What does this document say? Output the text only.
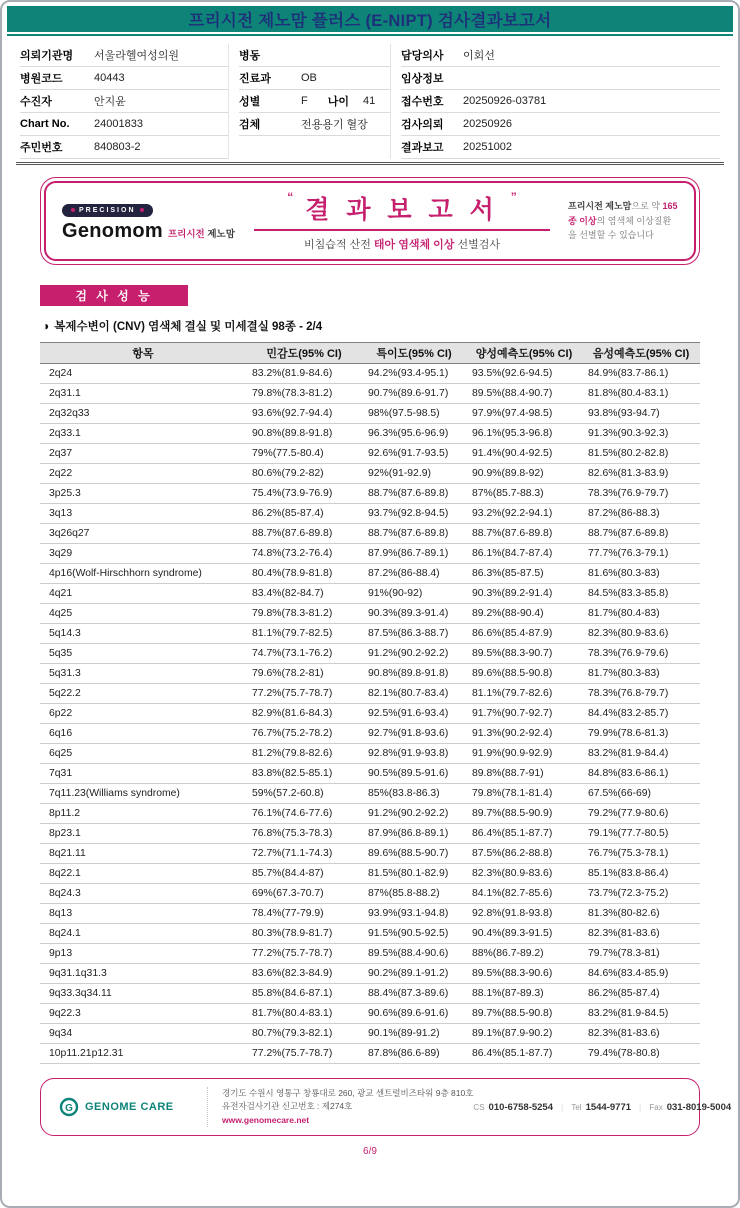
프리시전 제노맘 플러스 (E-NIPT) 검사결과보고서
의뢰기관명	서울라헬여성의원
병원코드	40443
수진자	안지윤
Chart No.	24001833
주민번호	840803-2
병동
진료과	OB
성별	F 나이 41
검체	전용용기 혈장
담당의사	이회선
임상정보
접수번호	20250926-03781
검사의뢰	20250926
결과보고	20251002
PRECISION
Genomom 프리시전 제노맘
“ 결 과 보 고 서 ”
비침습적 산전 태아 염색체 이상 선별검사
프리시전 제노맘으로 약 165종 이상의 염색체 이상질환을 선별할 수 있습니다
검 사 성 능
◑ 복제수변이 (CNV) 염색체 결실 및 미세결실 98종 - 2/4
항목	민감도(95% CI)	특이도(95% CI)	양성예측도(95% CI)	음성예측도(95% CI)
2q24	83.2%(81.9-84.6)	94.2%(93.4-95.1)	93.5%(92.6-94.5)	84.9%(83.7-86.1)
2q31.1	79.8%(78.3-81.2)	90.7%(89.6-91.7)	89.5%(88.4-90.7)	81.8%(80.4-83.1)
2q32q33	93.6%(92.7-94.4)	98%(97.5-98.5)	97.9%(97.4-98.5)	93.8%(93-94.7)
2q33.1	90.8%(89.8-91.8)	96.3%(95.6-96.9)	96.1%(95.3-96.8)	91.3%(90.3-92.3)
2q37	79%(77.5-80.4)	92.6%(91.7-93.5)	91.4%(90.4-92.5)	81.5%(80.2-82.8)
2q22	80.6%(79.2-82)	92%(91-92.9)	90.9%(89.8-92)	82.6%(81.3-83.9)
3p25.3	75.4%(73.9-76.9)	88.7%(87.6-89.8)	87%(85.7-88.3)	78.3%(76.9-79.7)
3q13	86.2%(85-87.4)	93.7%(92.8-94.5)	93.2%(92.2-94.1)	87.2%(86-88.3)
3q26q27	88.7%(87.6-89.8)	88.7%(87.6-89.8)	88.7%(87.6-89.8)	88.7%(87.6-89.8)
3q29	74.8%(73.2-76.4)	87.9%(86.7-89.1)	86.1%(84.7-87.4)	77.7%(76.3-79.1)
4p16(Wolf-Hirschhorn syndrome)	80.4%(78.9-81.8)	87.2%(86-88.4)	86.3%(85-87.5)	81.6%(80.3-83)
4q21	83.4%(82-84.7)	91%(90-92)	90.3%(89.2-91.4)	84.5%(83.3-85.8)
4q25	79.8%(78.3-81.2)	90.3%(89.3-91.4)	89.2%(88-90.4)	81.7%(80.4-83)
5q14.3	81.1%(79.7-82.5)	87.5%(86.3-88.7)	86.6%(85.4-87.9)	82.3%(80.9-83.6)
5q35	74.7%(73.1-76.2)	91.2%(90.2-92.2)	89.5%(88.3-90.7)	78.3%(76.9-79.6)
5q31.3	79.6%(78.2-81)	90.8%(89.8-91.8)	89.6%(88.5-90.8)	81.7%(80.3-83)
5q22.2	77.2%(75.7-78.7)	82.1%(80.7-83.4)	81.1%(79.7-82.6)	78.3%(76.8-79.7)
6p22	82.9%(81.6-84.3)	92.5%(91.6-93.4)	91.7%(90.7-92.7)	84.4%(83.2-85.7)
6q16	76.7%(75.2-78.2)	92.7%(91.8-93.6)	91.3%(90.2-92.4)	79.9%(78.6-81.3)
6q25	81.2%(79.8-82.6)	92.8%(91.9-93.8)	91.9%(90.9-92.9)	83.2%(81.9-84.4)
7q31	83.8%(82.5-85.1)	90.5%(89.5-91.6)	89.8%(88.7-91)	84.8%(83.6-86.1)
7q11.23(Williams syndrome)	59%(57.2-60.8)	85%(83.8-86.3)	79.8%(78.1-81.4)	67.5%(66-69)
8p11.2	76.1%(74.6-77.6)	91.2%(90.2-92.2)	89.7%(88.5-90.9)	79.2%(77.9-80.6)
8p23.1	76.8%(75.3-78.3)	87.9%(86.8-89.1)	86.4%(85.1-87.7)	79.1%(77.7-80.5)
8q21.11	72.7%(71.1-74.3)	89.6%(88.5-90.7)	87.5%(86.2-88.8)	76.7%(75.3-78.1)
8q22.1	85.7%(84.4-87)	81.5%(80.1-82.9)	82.3%(80.9-83.6)	85.1%(83.8-86.4)
8q24.3	69%(67.3-70.7)	87%(85.8-88.2)	84.1%(82.7-85.6)	73.7%(72.3-75.2)
8q13	78.4%(77-79.9)	93.9%(93.1-94.8)	92.8%(91.8-93.8)	81.3%(80-82.6)
8q24.1	80.3%(78.9-81.7)	91.5%(90.5-92.5)	90.4%(89.3-91.5)	82.3%(81-83.6)
9p13	77.2%(75.7-78.7)	89.5%(88.4-90.6)	88%(86.7-89.2)	79.7%(78.3-81)
9q31.1q31.3	83.6%(82.3-84.9)	90.2%(89.1-91.2)	89.5%(88.3-90.6)	84.6%(83.4-85.9)
9q33.3q34.11	85.8%(84.6-87.1)	88.4%(87.3-89.6)	88.1%(87-89.3)	86.2%(85-87.4)
9q22.3	81.7%(80.4-83.1)	90.6%(89.6-91.6)	89.7%(88.5-90.8)	83.2%(81.9-84.5)
9q34	80.7%(79.3-82.1)	90.1%(89-91.2)	89.1%(87.9-90.2)	82.3%(81-83.6)
10p11.21p12.31	77.2%(75.7-78.7)	87.8%(86.6-89)	86.4%(85.1-87.7)	79.4%(78-80.8)
G GENOME CARE
경기도 수원시 영통구 창룡대로 260, 광교 센트럴비즈타워 9층 810호
유전자검사기관 신고번호 : 제274호
www.genomecare.net
CS 010-6758-5254 | Tel 1544-9771 | Fax 031-8019-5004
6/9
